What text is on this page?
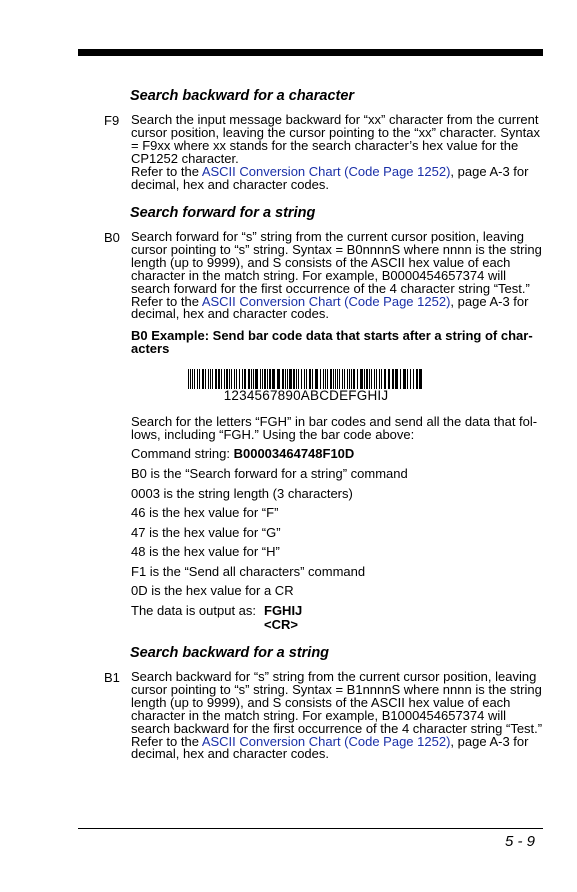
Search backward for a character
F9 Search the input message backward for “xx” character from the current
cursor position, leaving the cursor pointing to the “xx” character. Syntax
= F9xx where xx stands for the search character’s hex value for the
CP1252 character.
Refer to the ASCII Conversion Chart (Code Page 1252), page A-3 for
decimal, hex and character codes.
Search forward for a string
B0 Search forward for “s” string from the current cursor position, leaving
cursor pointing to “s” string. Syntax = B0nnnnS where nnnn is the string
length (up to 9999), and S consists of the ASCII hex value of each
character in the match string. For example, B0000454657374 will
search forward for the first occurrence of the 4 character string “Test.”
Refer to the ASCII Conversion Chart (Code Page 1252), page A-3 for
decimal, hex and character codes.
B0 Example: Send bar code data that starts after a string of char-
acters
1234567890ABCDEFGHIJ
Search for the letters “FGH” in bar codes and send all the data that fol-
lows, including “FGH.” Using the bar code above:
Command string: B00003464748F10D
B0 is the “Search forward for a string” command
0003 is the string length (3 characters)
46 is the hex value for “F”
47 is the hex value for “G”
48 is the hex value for “H”
F1 is the “Send all characters” command
0D is the hex value for a CR
The data is output as: FGHIJ
<CR>
Search backward for a string
B1 Search backward for “s” string from the current cursor position, leaving
cursor pointing to “s” string. Syntax = B1nnnnS where nnnn is the string
length (up to 9999), and S consists of the ASCII hex value of each
character in the match string. For example, B1000454657374 will
search backward for the first occurrence of the 4 character string “Test.”
Refer to the ASCII Conversion Chart (Code Page 1252), page A-3 for
decimal, hex and character codes.
5 - 9
